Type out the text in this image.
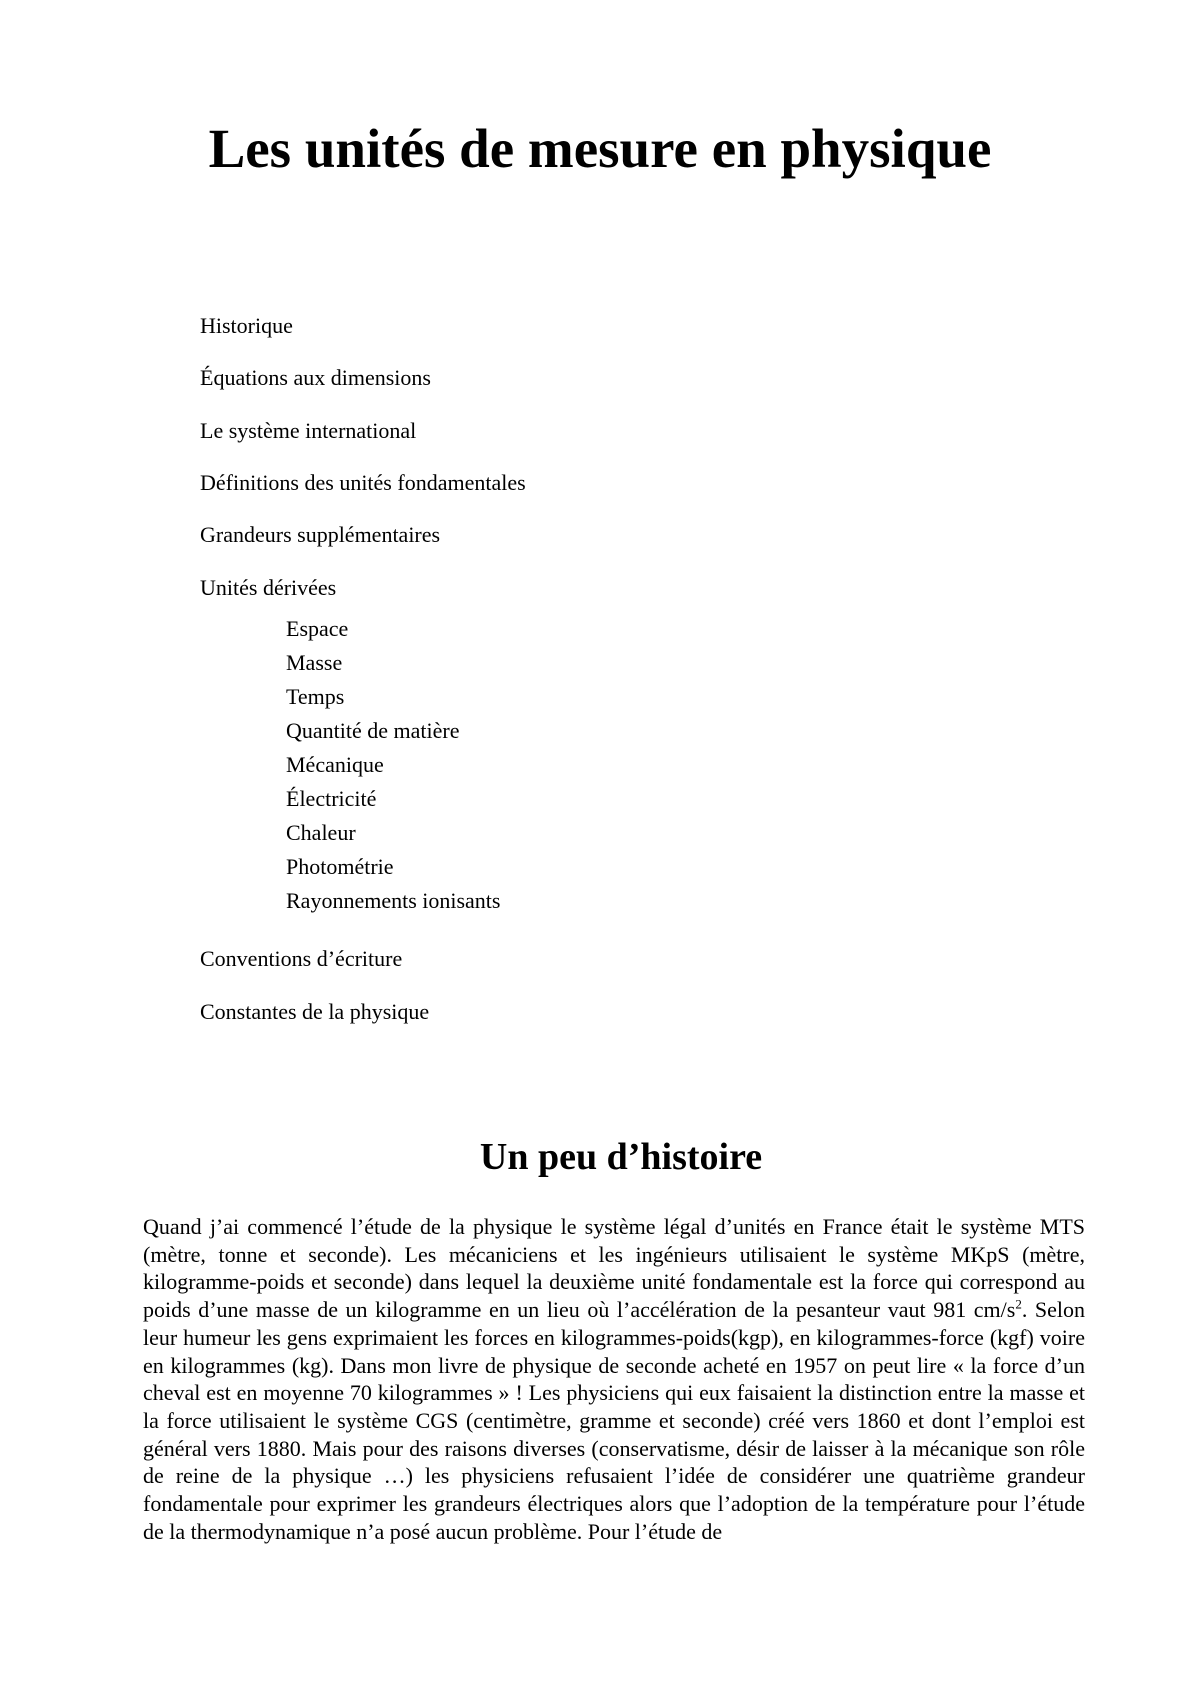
Les unités de mesure en physique
Historique
Équations aux dimensions
Le système international
Définitions des unités fondamentales
Grandeurs supplémentaires
Unités dérivées
Espace
Masse
Temps
Quantité de matière
Mécanique
Électricité
Chaleur
Photométrie
Rayonnements ionisants
Conventions d’écriture
Constantes de la physique
Un peu d’histoire

Quand j’ai commencé l’étude de la physique le système légal d’unités en France était le système MTS (mètre, tonne et seconde). Les mécaniciens et les ingénieurs utilisaient le système MKpS (mètre, kilogramme-poids et seconde) dans lequel la deuxième unité fondamentale est la force qui correspond au poids d’une masse de un kilogramme en un lieu où l’accélération de la pesanteur vaut 981 $cm/s^2$. Selon leur humeur les gens exprimaient les forces en kilogrammes-poids(kgp), en kilogrammes-force (kgf) voire en kilogrammes (kg). Dans mon livre de physique de seconde acheté en 1957 on peut lire « la force d’un cheval est en moyenne 70 kilogrammes » ! Les physiciens qui eux faisaient la distinction entre la masse et la force utilisaient le système CGS (centimètre, gramme et seconde) créé vers 1860 et dont l’emploi est général vers 1880. Mais pour des raisons diverses (conservatisme, désir de laisser à la mécanique son rôle de reine de la physique …) les physiciens refusaient l’idée de considérer une quatrième grandeur fondamentale pour exprimer les grandeurs électriques alors que l’adoption de la température pour l’étude de la thermodynamique n’a posé aucun problème. Pour l’étude de
